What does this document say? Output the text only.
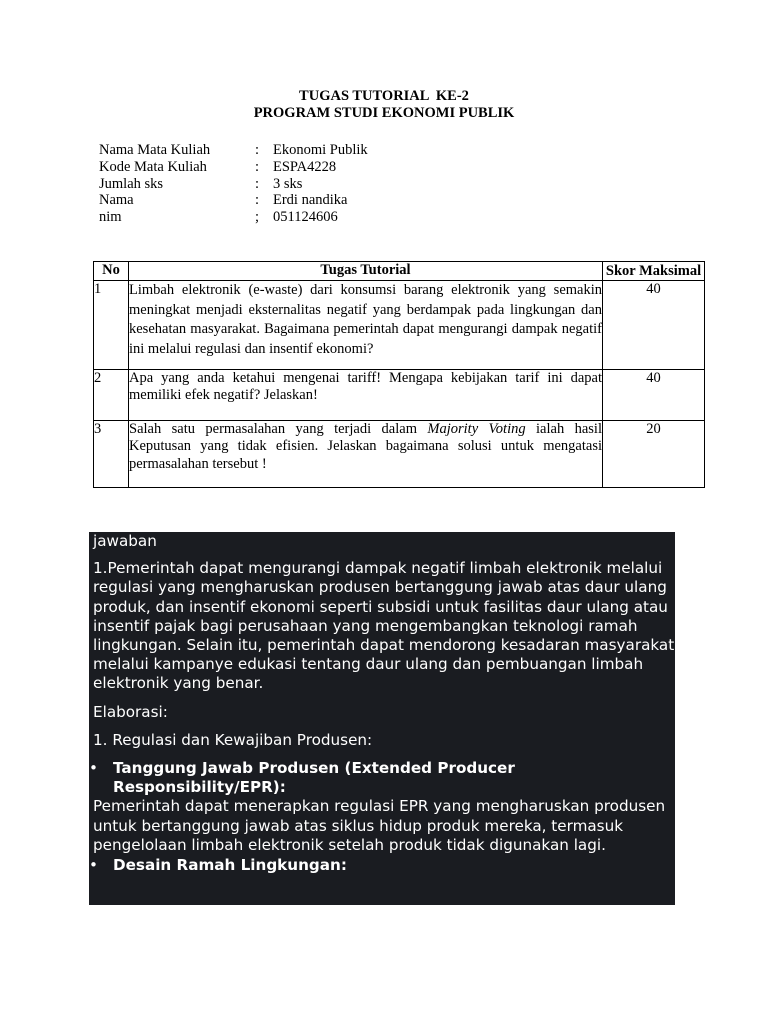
TUGAS TUTORIAL  KE-2
PROGRAM STUDI EKONOMI PUBLIK
Nama Mata Kuliah	: Ekonomi Publik
Kode Mata Kuliah	: ESPA4228
Jumlah sks	: 3 sks
Nama	: Erdi nandika
nim	; 051124606
No	Tugas Tutorial	Skor Maksimal
1	Limbah elektronik (e-waste) dari konsumsi barang elektronik yang semakin meningkat menjadi eksternalitas negatif yang berdampak pada lingkungan dan kesehatan masyarakat. Bagaimana pemerintah dapat mengurangi dampak negatif ini melalui regulasi dan insentif ekonomi?	40
2	Apa yang anda ketahui mengenai tariff! Mengapa kebijakan tarif ini dapat memiliki efek negatif? Jelaskan!	40
3	Salah satu permasalahan yang terjadi dalam Majority Voting ialah hasil Keputusan yang tidak efisien. Jelaskan bagaimana solusi untuk mengatasi permasalahan tersebut !	20

jawaban

1.Pemerintah dapat mengurangi dampak negatif limbah elektronik melalui regulasi yang mengharuskan produsen bertanggung jawab atas daur ulang produk, dan insentif ekonomi seperti subsidi untuk fasilitas daur ulang atau insentif pajak bagi perusahaan yang mengembangkan teknologi ramah lingkungan. Selain itu, pemerintah dapat mendorong kesadaran masyarakat melalui kampanye edukasi tentang daur ulang dan pembuangan limbah elektronik yang benar.

Elaborasi:

1. Regulasi dan Kewajiban Produsen:

• Tanggung Jawab Produsen (Extended Producer Responsibility/EPR):

Pemerintah dapat menerapkan regulasi EPR yang mengharuskan produsen untuk bertanggung jawab atas siklus hidup produk mereka, termasuk pengelolaan limbah elektronik setelah produk tidak digunakan lagi.

• Desain Ramah Lingkungan:
